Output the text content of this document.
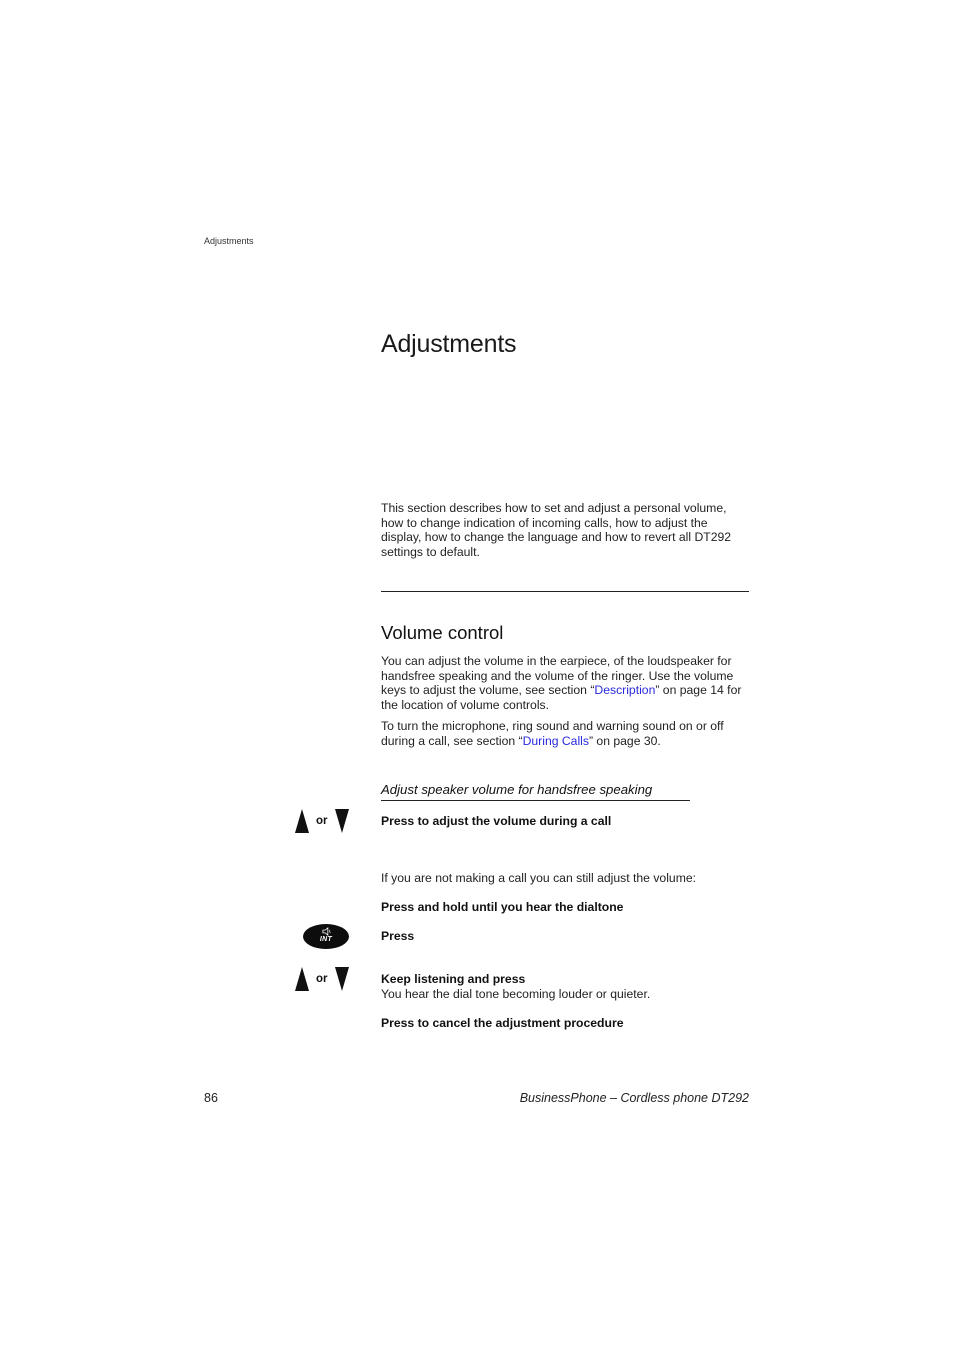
Adjustments
Adjustments

This section describes how to set and adjust a personal volume, how to change indication of incoming calls, how to adjust the display, how to change the language and how to revert all DT292 settings to default.

Volume control

You can adjust the volume in the earpiece, of the loudspeaker for handsfree speaking and the volume of the ringer. Use the volume keys to adjust the volume, see section “Description” on page 14 for the location of volume controls.

To turn the microphone, ring sound and warning sound on or off during a call, see section “During Calls” on page 30.

Adjust speaker volume for handsfree speaking
or	Press to adjust the volume during a call
If you are not making a call you can still adjust the volume:
Press and hold until you hear the dialtone
INT	Press
or	Keep listening and press
You hear the dial tone becoming louder or quieter.
Press to cancel the adjustment procedure
86	BusinessPhone – Cordless phone DT292
